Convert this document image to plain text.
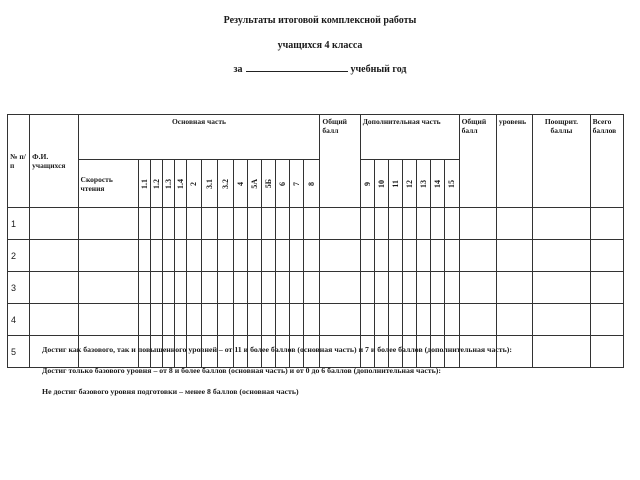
Результаты итоговой комплексной работы
учащихся 4 класса
за	учебный год
№ п/п	Ф.И. учащихся	Основная часть														Общий балл	Дополнительная часть							Общий балл	уровень	Поощрит. баллы	Всего баллов
		Скорость чтения	1.1	1.2	1.3	1.4	2	3.1	3.2	4	5А	5Б	6	7	8		9	10	11	12	13	14	15				

1																											
2																											
3																											
4																											
5																												Достиг как базового, так и повышенного уровней – от 11 и более баллов (основная часть) и 7 и более баллов (дополнительная часть):
Достиг только базового уровня – от 8 и более баллов (основная часть) и от 0 до 6 баллов (дополнительная часть):
Не достиг базового уровня подготовки – менее 8 баллов (основная часть)
